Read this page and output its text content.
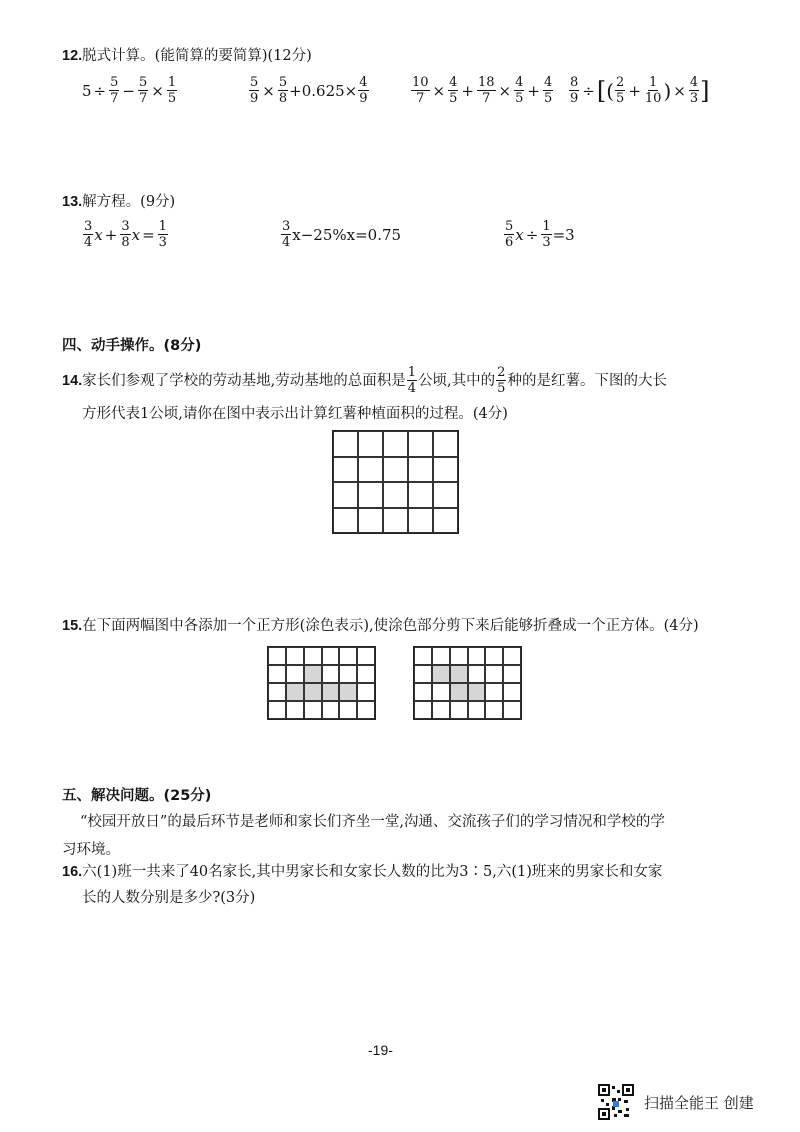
12.脱式计算。(能简算的要简算)(12分)
$5 \div \frac{5}{7} - \frac{5}{7} \times \frac{1}{5}$	$\frac{5}{9} \times \frac{5}{8} +0.625\times \frac{4}{9}$	$\frac{10}{7} \times \frac{4}{5} + \frac{18}{7} \times \frac{4}{5} + \frac{4}{5} \frac{8}{9}$ ÷ [ ( $\frac{2}{5} + \frac{1}{10}$ ) × $\frac{4}{3}$ ]
13.解方程。(9分)
$\frac{3}{4}$ $x + \frac{3}{8}$ $x = \frac{1}{3}$	$\frac{3}{4} x-25\%x=0.75$	$\frac{5}{6}$ $x \div \frac{1}{3} =3$
四、动手操作。(8分)
14. 家长们参观了学校的劳动基地,劳动基地的总面积是 $\frac{1}{4}$ 公顷,其中的 $\frac{2}{5}$ 种的是红薯。下图的大长
方形代表1公顷,请你在图中表示出计算红薯种植面积的过程。(4分)
15.在下面两幅图中各添加一个正方形(涂色表示),使涂色部分剪下来后能够折叠成一个正方体。(4分)
五、解决问题。(25分)
“校园开放日”的最后环节是老师和家长们齐坐一堂,沟通、交流孩子们的学习情况和学校的学
习环境。
16.六(1)班一共来了40名家长,其中男家长和女家长人数的比为3∶5,六(1)班来的男家长和女家
长的人数分别是多少?(3分)
-19-
扫描全能王 创建
